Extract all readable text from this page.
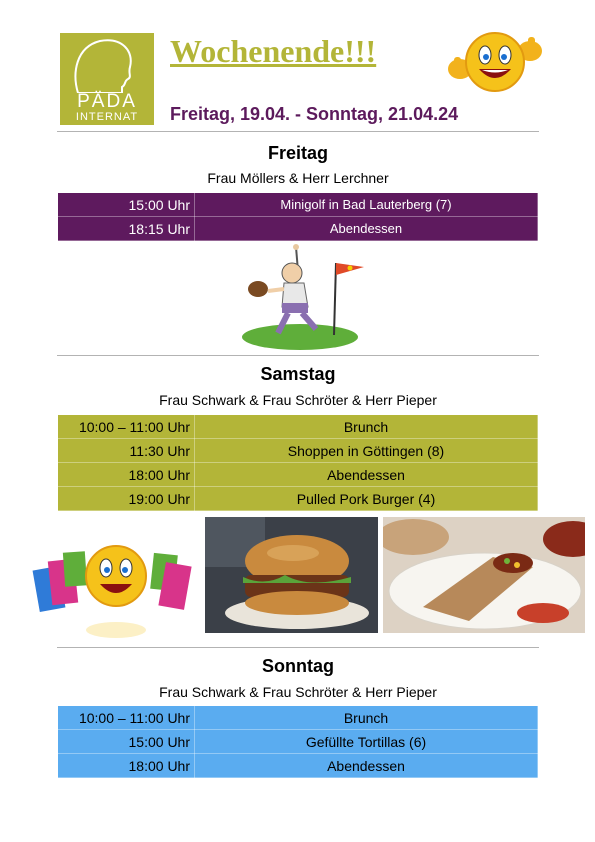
PÄDA
INTERNAT
Wochenende!!!
Freitag, 19.04. - Sonntag, 21.04.24
Freitag
Frau Möllers & Herr Lerchner
15:00 Uhr	Minigolf in Bad Lauterberg (7)
18:15 Uhr	Abendessen
Samstag
Frau Schwark & Frau Schröter & Herr Pieper
10:00 – 11:00 Uhr	Brunch
11:30 Uhr	Shoppen in Göttingen (8)
18:00 Uhr	Abendessen
19:00 Uhr	Pulled Pork Burger (4)
Sonntag
Frau Schwark & Frau Schröter & Herr Pieper
10:00 – 11:00 Uhr	Brunch
15:00 Uhr	Gefüllte Tortillas (6)
18:00 Uhr	Abendessen
